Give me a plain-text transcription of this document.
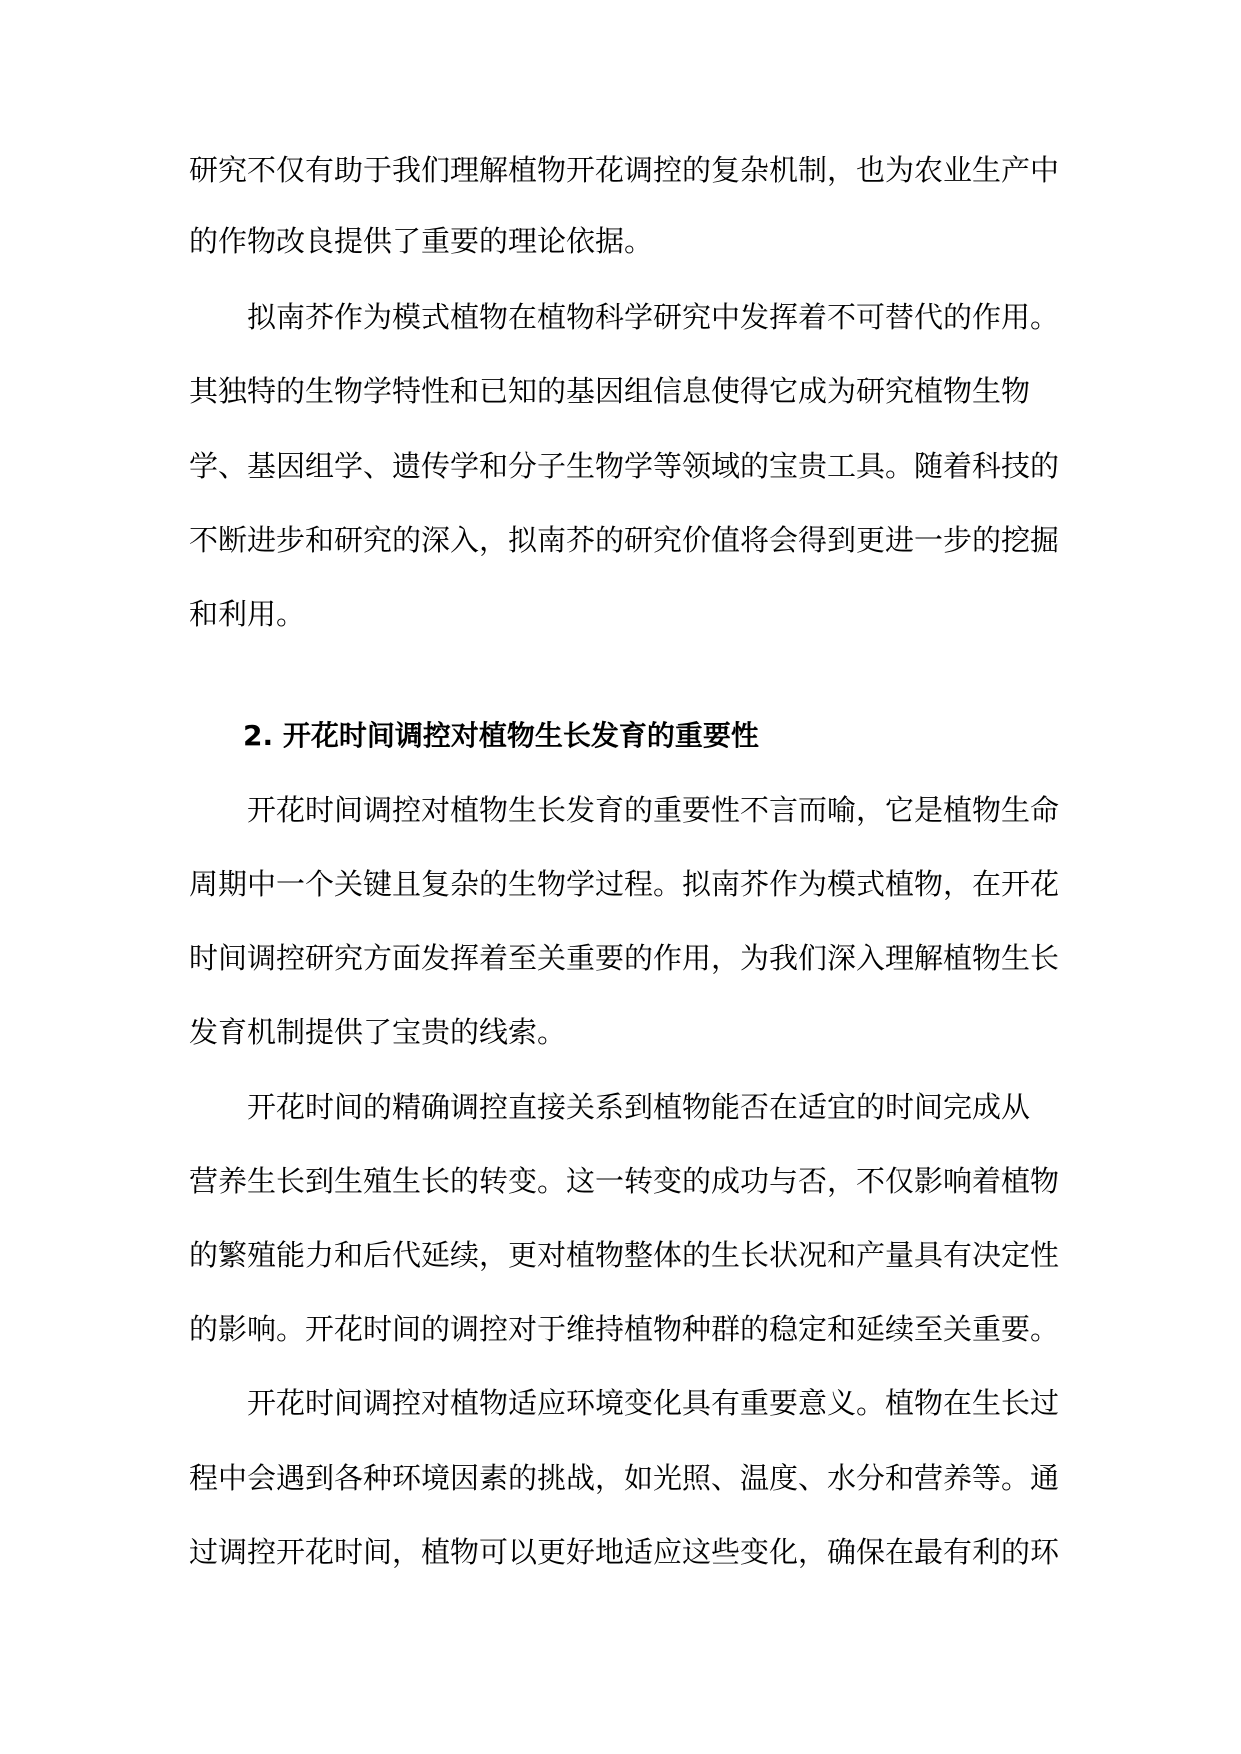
研究不仅有助于我们理解植物开花调控的复杂机制，也为农业生产中
的作物改良提供了重要的理论依据。
拟南芥作为模式植物在植物科学研究中发挥着不可替代的作用。
其独特的生物学特性和已知的基因组信息使得它成为研究植物生物
学、基因组学、遗传学和分子生物学等领域的宝贵工具。随着科技的
不断进步和研究的深入，拟南芥的研究价值将会得到更进一步的挖掘
和利用。
2. 开花时间调控对植物生长发育的重要性
开花时间调控对植物生长发育的重要性不言而喻，它是植物生命
周期中一个关键且复杂的生物学过程。拟南芥作为模式植物，在开花
时间调控研究方面发挥着至关重要的作用，为我们深入理解植物生长
发育机制提供了宝贵的线索。
开花时间的精确调控直接关系到植物能否在适宜的时间完成从
营养生长到生殖生长的转变。这一转变的成功与否，不仅影响着植物
的繁殖能力和后代延续，更对植物整体的生长状况和产量具有决定性
的影响。开花时间的调控对于维持植物种群的稳定和延续至关重要。
开花时间调控对植物适应环境变化具有重要意义。植物在生长过
程中会遇到各种环境因素的挑战，如光照、温度、水分和营养等。通
过调控开花时间，植物可以更好地适应这些变化，确保在最有利的环
